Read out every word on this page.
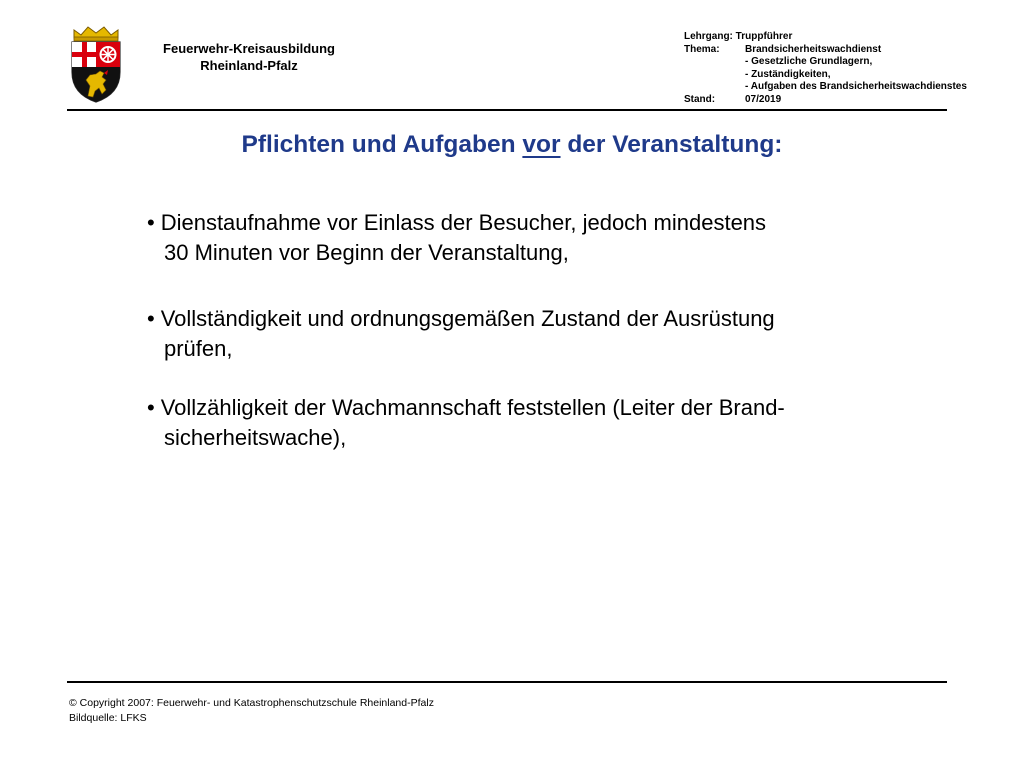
Feuerwehr-Kreisausbildung
Rheinland-Pfalz
Lehrgang: Truppführer
Thema:	Brandsicherheitswachdienst
- Gesetzliche Grundlagern,
- Zuständigkeiten,
- Aufgaben des Brandsicherheitswachdienstes
Stand:	07/2019
Pflichten und Aufgaben vor der Veranstaltung:
• Dienstaufnahme vor Einlass der Besucher, jedoch mindestens
30 Minuten vor Beginn der Veranstaltung,
• Vollständigkeit und ordnungsgemäßen Zustand der Ausrüstung
prüfen,
• Vollzähligkeit der Wachmannschaft feststellen (Leiter der Brand-
sicherheitswache),
© Copyright 2007: Feuerwehr- und Katastrophenschutzschule Rheinland-Pfalz
Bildquelle: LFKS
